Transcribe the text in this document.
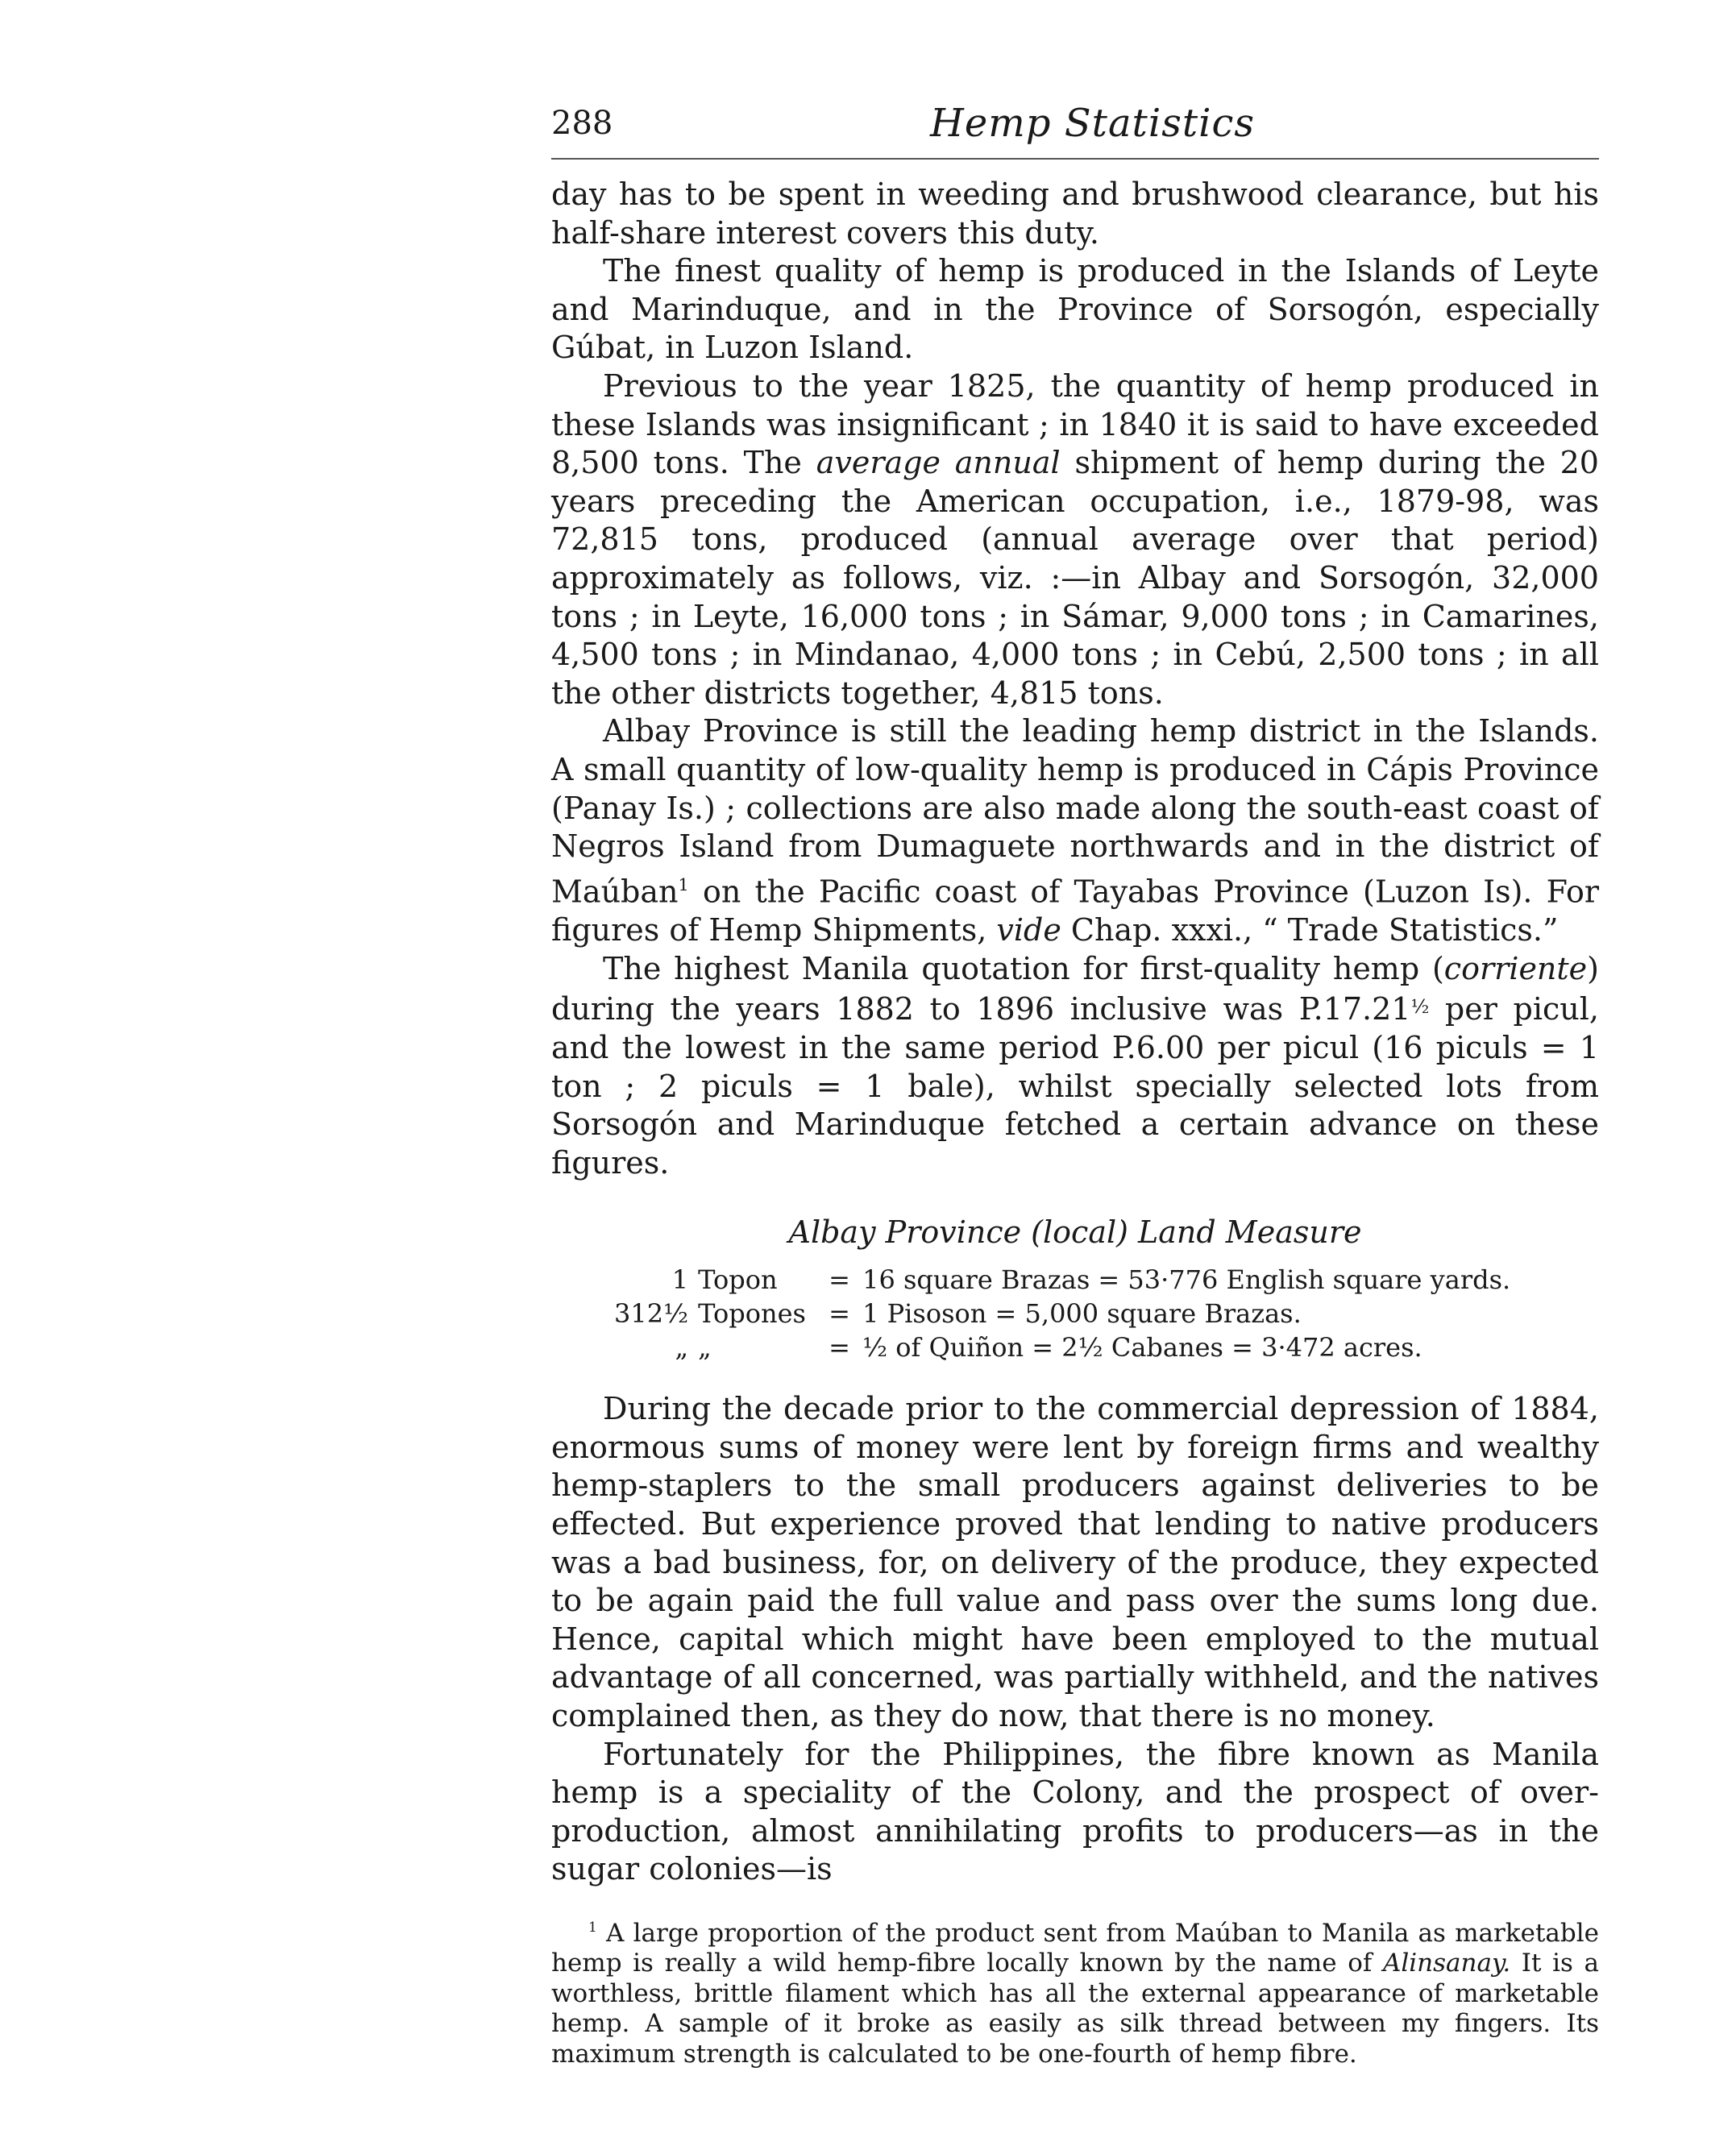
288	Hemp Statistics

day has to be spent in weeding and brushwood clearance, but his half-share interest covers this duty.

The finest quality of hemp is produced in the Islands of Leyte and Marinduque, and in the Province of Sorsogón, especially Gúbat, in Luzon Island.

Previous to the year 1825, the quantity of hemp produced in these Islands was insignificant ; in 1840 it is said to have exceeded 8,500 tons. The average annual shipment of hemp during the 20 years preceding the American occupation, i.e., 1879-98, was 72,815 tons, produced (annual average over that period) approximately as follows, viz. :—in Albay and Sorsogón, 32,000 tons ; in Leyte, 16,000 tons ; in Sámar, 9,000 tons ; in Camarines, 4,500 tons ; in Mindanao, 4,000 tons ; in Cebú, 2,500 tons ; in all the other districts together, 4,815 tons.

Albay Province is still the leading hemp district in the Islands. A small quantity of low-quality hemp is produced in Cápis Province (Panay Is.) ; collections are also made along the south-east coast of Negros Island from Dumaguete northwards and in the district of Maúban$^1$ on the Pacific coast of Tayabas Province (Luzon Is). For figures of Hemp Shipments, vide Chap. xxxi., “ Trade Statistics.”

The highest Manila quotation for first-quality hemp (corriente) during the years 1882 to 1896 inclusive was $P.17.21^{\frac{1}{2}}$ per picul, and the lowest in the same period P.6.00 per picul (16 piculs = 1 ton ; 2 piculs = 1 bale), whilst specially selected lots from Sorsogón and Marinduque fetched a certain advance on these figures.

Albay Province (local) Land Measure
1	Topon	=	16 square Brazas = 53·776 English square yards.
312½	Topones	=	1 Pisoson = 5,000 square Brazas.
„	„	=	½ of Quiñon = 2½ Cabanes = 3·472 acres.

During the decade prior to the commercial depression of 1884, enormous sums of money were lent by foreign firms and wealthy hemp-staplers to the small producers against deliveries to be effected. But experience proved that lending to native producers was a bad business, for, on delivery of the produce, they expected to be again paid the full value and pass over the sums long due. Hence, capital which might have been employed to the mutual advantage of all concerned, was partially withheld, and the natives complained then, as they do now, that there is no money.

Fortunately for the Philippines, the fibre known as Manila hemp is a speciality of the Colony, and the prospect of over-production, almost annihilating profits to producers—as in the sugar colonies—is

$^1$ A large proportion of the product sent from Maúban to Manila as marketable hemp is really a wild hemp-fibre locally known by the name of Alinsanay. It is a worthless, brittle filament which has all the external appearance of marketable hemp. A sample of it broke as easily as silk thread between my fingers. Its maximum strength is calculated to be one-fourth of hemp fibre.
